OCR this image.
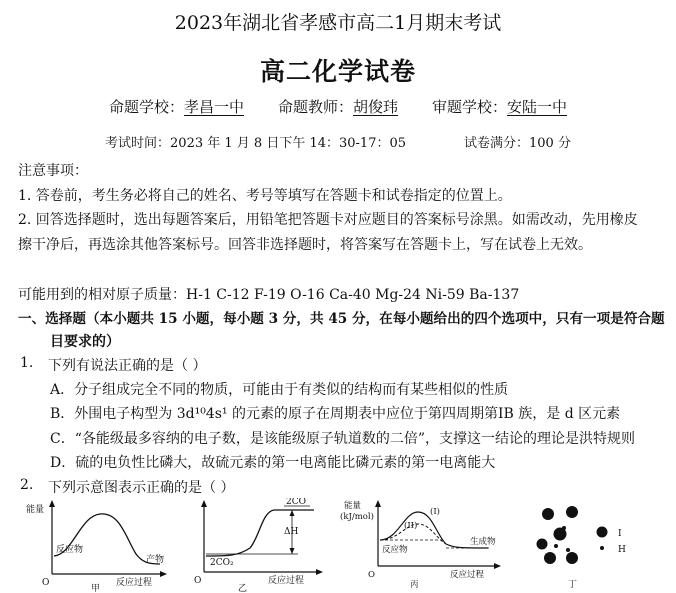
2023年湖北省孝感市高二1月期末考试
高二化学试卷
命题学校：孝昌一中 命题教师：胡俊玮 审题学校：安陆一中
考试时间：2023 年 1 月 8 日下午 14：30-17：05	试卷满分：100 分
注意事项：
1. 答卷前，考生务必将自己的姓名、考号等填写在答题卡和试卷指定的位置上。
2. 回答选择题时，选出每题答案后，用铅笔把答题卡对应题目的答案标号涂黑。如需改动，先用橡皮
擦干净后，再选涂其他答案标号。回答非选择题时，将答案写在答题卡上，写在试卷上无效。
可能用到的相对原子质量：H-1 C-12 F-19 O-16 Ca-40 Mg-24 Ni-59 Ba-137
一、选择题（本小题共 15 小题，每小题 3 分，共 45 分，在每小题给出的四个选项中，只有一项是符合题
目要求的）
1. 下列有说法正确的是（ ）
A．分子组成完全不同的物质，可能由于有类似的结构而有某些相似的性质
B．外围电子构型为 3d¹⁰4s¹ 的元素的原子在周期表中应位于第四周期第ⅠB 族，是 d 区元素
C．“各能级最多容纳的电子数，是该能级原子轨道数的二倍”，支撑这一结论的理论是洪特规则
D．硫的电负性比磷大，故硫元素的第一电离能比磷元素的第一电离能大
2. 下列示意图表示正确的是（ ）
能量
O
反应物
产物
反应过程
甲
2CO
2CO₂
ΔH
O	反应过程
乙
能量
(kJ/mol)	(I)
(II)
反应物
生成物
O	反应过程
丙
I
H
丁
